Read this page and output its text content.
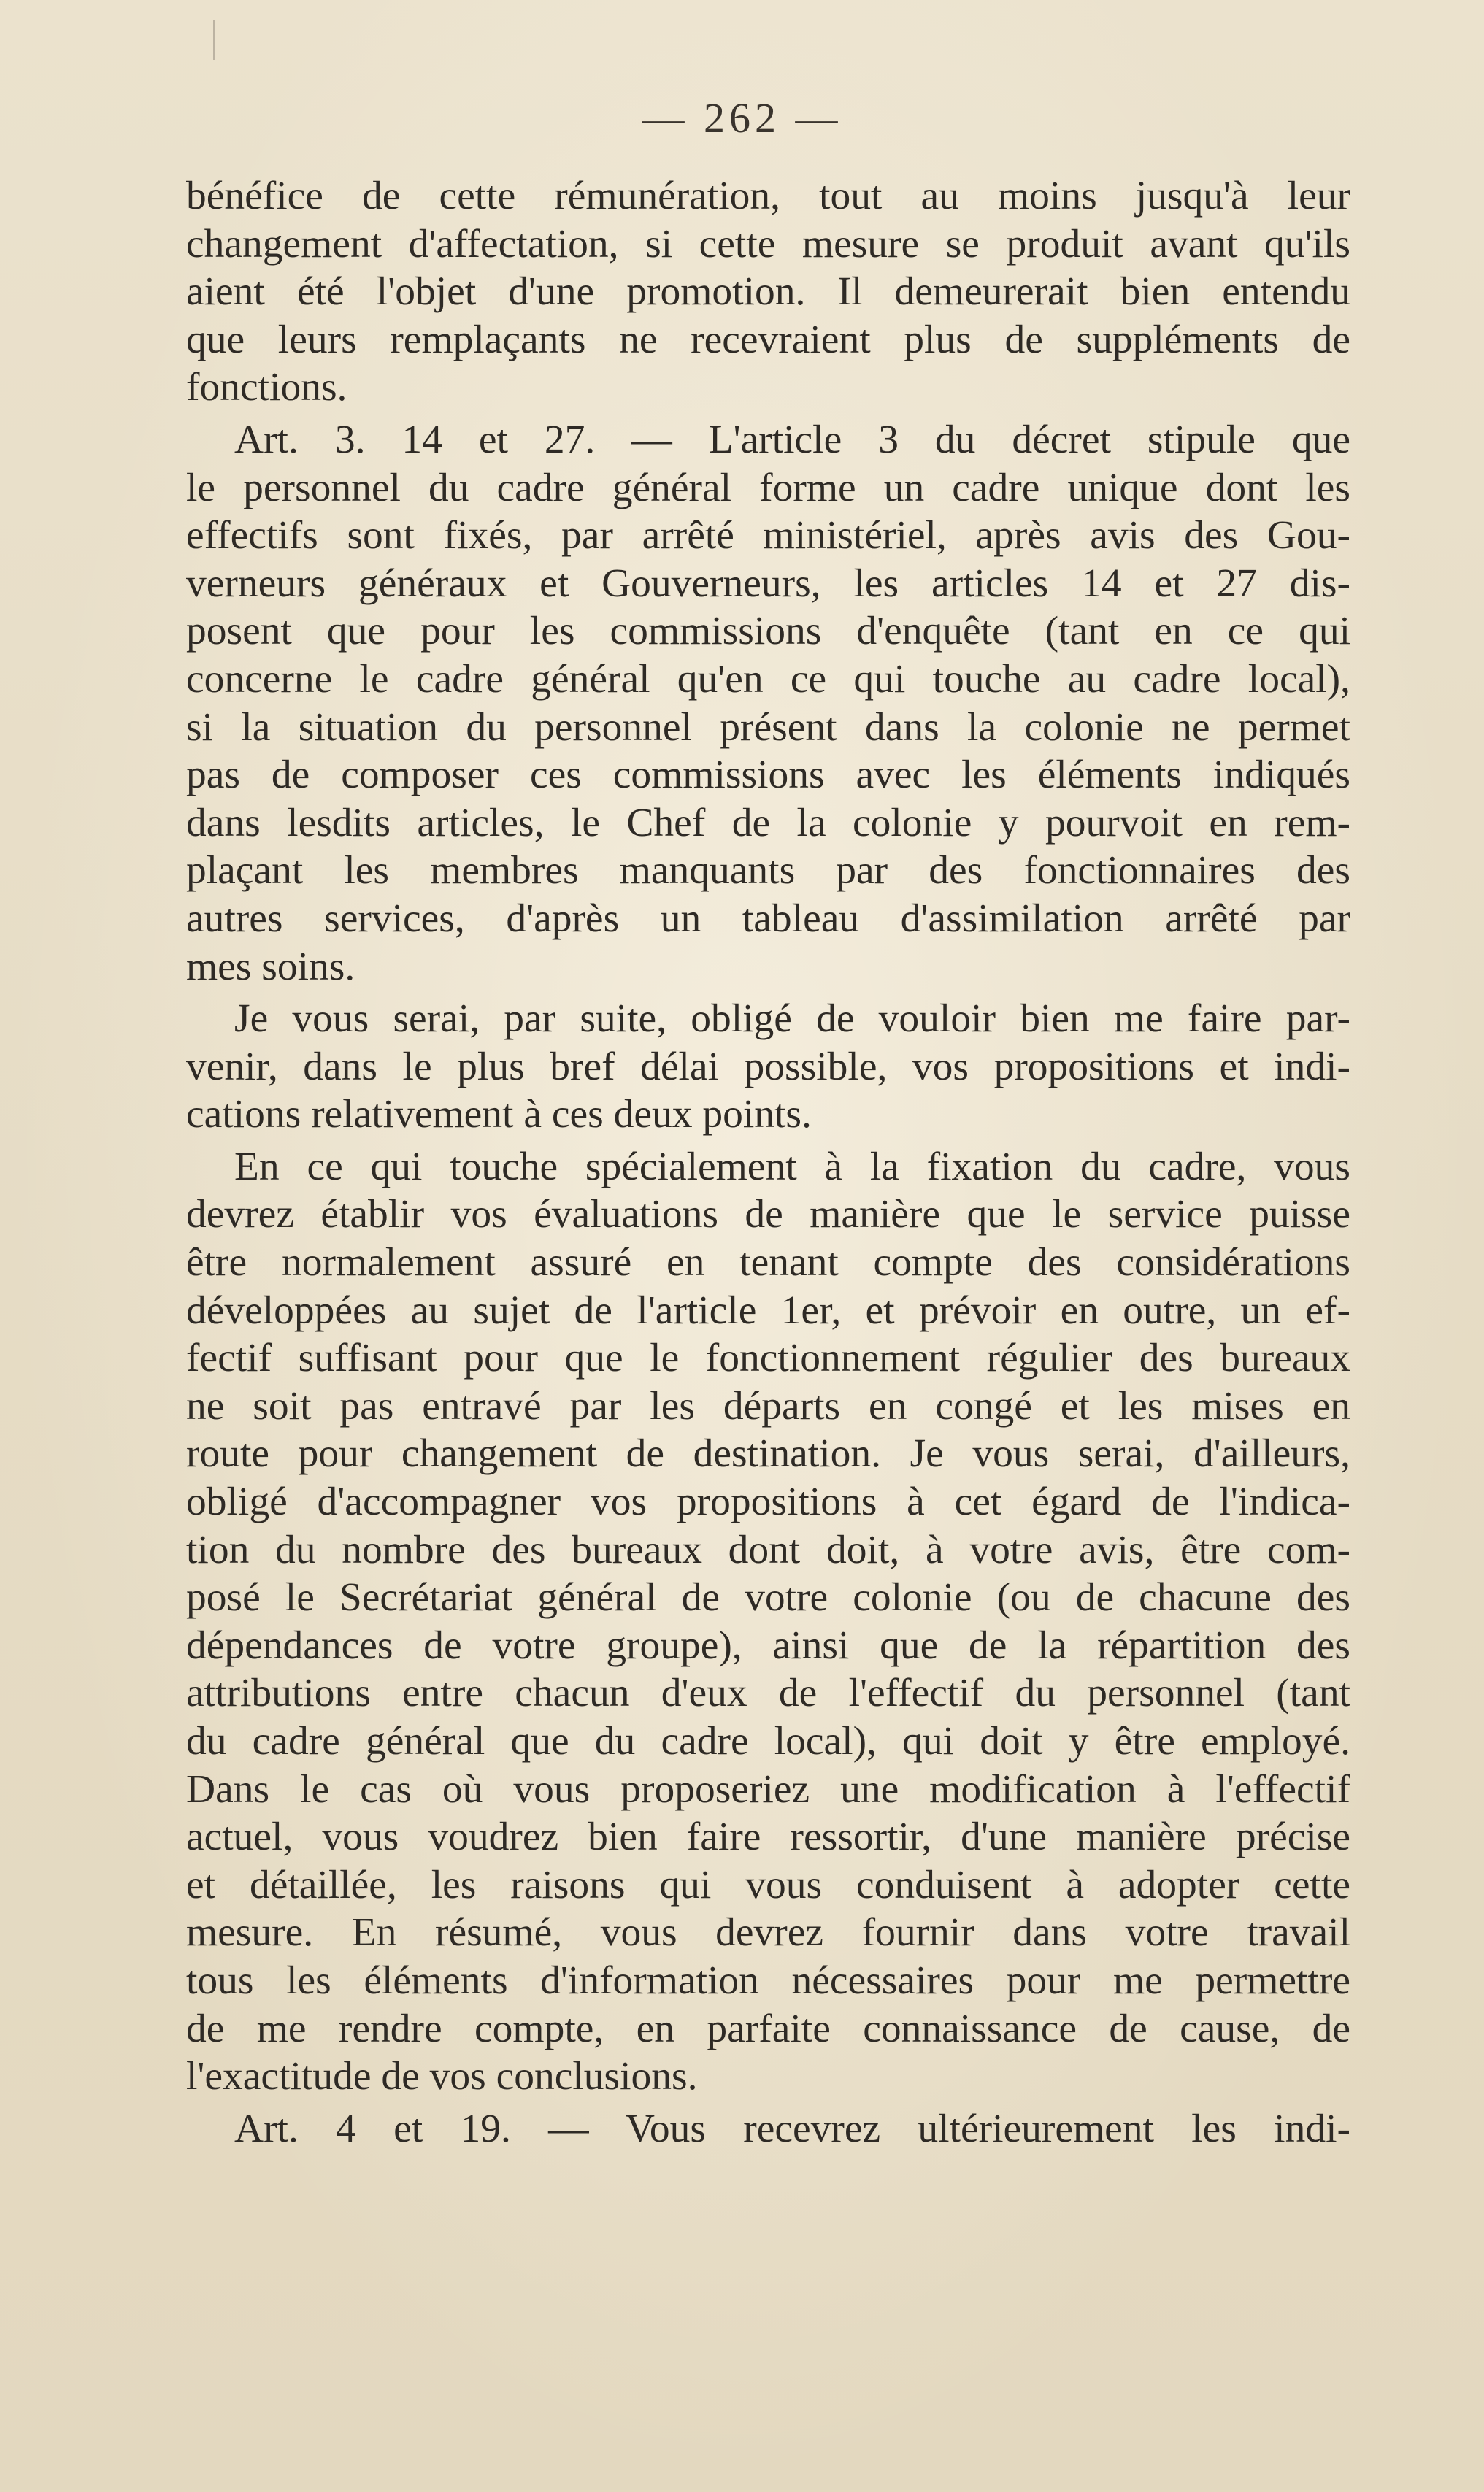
— 262 —
bénéfice de cette rémunération, tout au moins jusqu'à leur
changement d'affectation, si cette mesure se produit avant qu'ils
aient été l'objet d'une promotion. Il demeurerait bien entendu
que leurs remplaçants ne recevraient plus de suppléments de
fonctions.
Art. 3. 14 et 27. — L'article 3 du décret stipule que
le personnel du cadre général forme un cadre unique dont les
effectifs sont fixés, par arrêté ministériel, après avis des Gou-
verneurs généraux et Gouverneurs, les articles 14 et 27 dis-
posent que pour les commissions d'enquête (tant en ce qui
concerne le cadre général qu'en ce qui touche au cadre local),
si la situation du personnel présent dans la colonie ne permet
pas de composer ces commissions avec les éléments indiqués
dans lesdits articles, le Chef de la colonie y pourvoit en rem-
plaçant les membres manquants par des fonctionnaires des
autres services, d'après un tableau d'assimilation arrêté par
mes soins.
Je vous serai, par suite, obligé de vouloir bien me faire par-
venir, dans le plus bref délai possible, vos propositions et indi-
cations relativement à ces deux points.
En ce qui touche spécialement à la fixation du cadre, vous
devrez établir vos évaluations de manière que le service puisse
être normalement assuré en tenant compte des considérations
développées au sujet de l'article 1er, et prévoir en outre, un ef-
fectif suffisant pour que le fonctionnement régulier des bureaux
ne soit pas entravé par les départs en congé et les mises en
route pour changement de destination. Je vous serai, d'ailleurs,
obligé d'accompagner vos propositions à cet égard de l'indica-
tion du nombre des bureaux dont doit, à votre avis, être com-
posé le Secrétariat général de votre colonie (ou de chacune des
dépendances de votre groupe), ainsi que de la répartition des
attributions entre chacun d'eux de l'effectif du personnel (tant
du cadre général que du cadre local), qui doit y être employé.
Dans le cas où vous proposeriez une modification à l'effectif
actuel, vous voudrez bien faire ressortir, d'une manière précise
et détaillée, les raisons qui vous conduisent à adopter cette
mesure. En résumé, vous devrez fournir dans votre travail
tous les éléments d'information nécessaires pour me permettre
de me rendre compte, en parfaite connaissance de cause, de
l'exactitude de vos conclusions.
Art. 4 et 19. — Vous recevrez ultérieurement les indi-
